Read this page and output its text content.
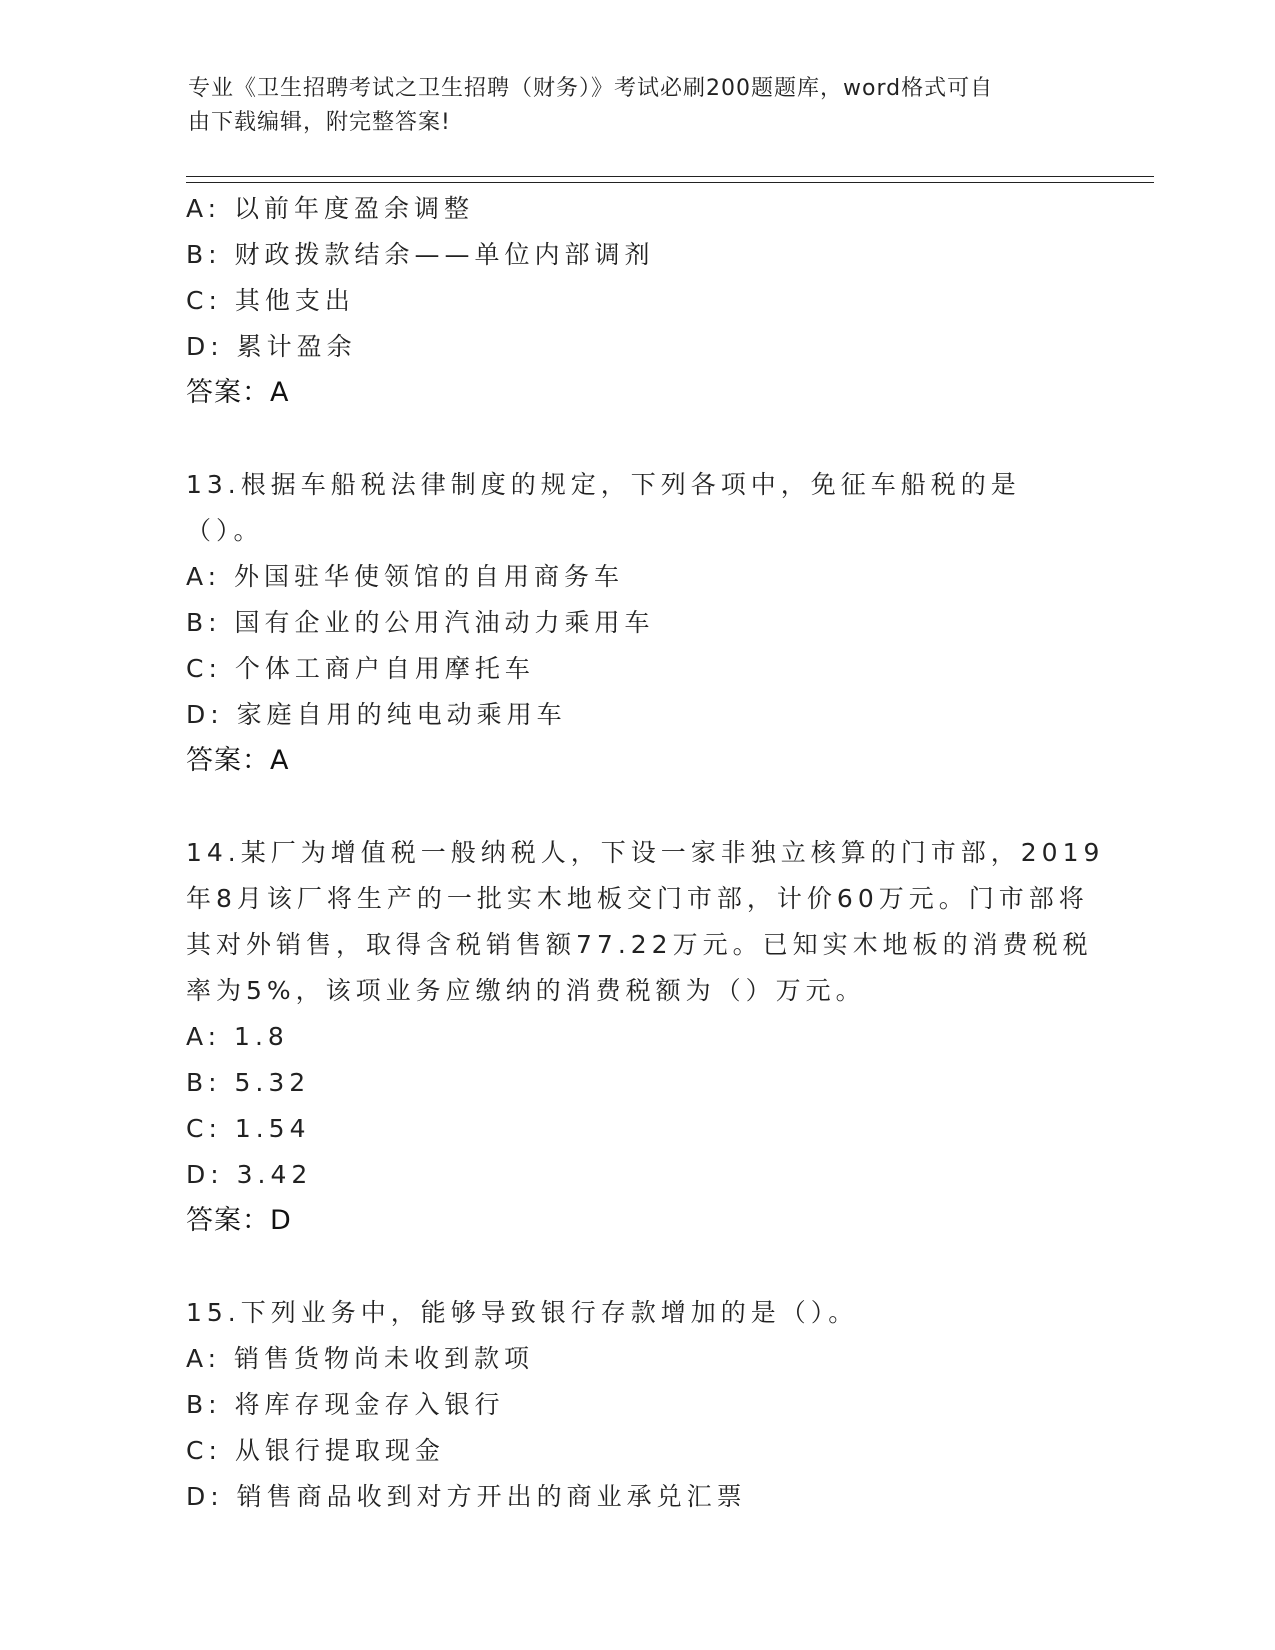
专业《卫生招聘考试之卫生招聘（财务）》考试必刷200题题库，word格式可自
由下载编辑，附完整答案!
A: 以前年度盈余调整
B: 财政拨款结余——单位内部调剂
C: 其他支出
D: 累计盈余
答案：A
13.根据车船税法律制度的规定，下列各项中，免征车船税的是（）。
A: 外国驻华使领馆的自用商务车
B: 国有企业的公用汽油动力乘用车
C: 个体工商户自用摩托车
D: 家庭自用的纯电动乘用车
答案：A
14.某厂为增值税一般纳税人，下设一家非独立核算的门市部，2019
年8月该厂将生产的一批实木地板交门市部，计价60万元。门市部将
其对外销售，取得含税销售额77.22万元。已知实木地板的消费税税
率为5%，该项业务应缴纳的消费税额为（）万元。
A: 1.8
B: 5.32
C: 1.54
D: 3.42
答案：D
15.下列业务中，能够导致银行存款增加的是（）。
A: 销售货物尚未收到款项
B: 将库存现金存入银行
C: 从银行提取现金
D: 销售商品收到对方开出的商业承兑汇票
